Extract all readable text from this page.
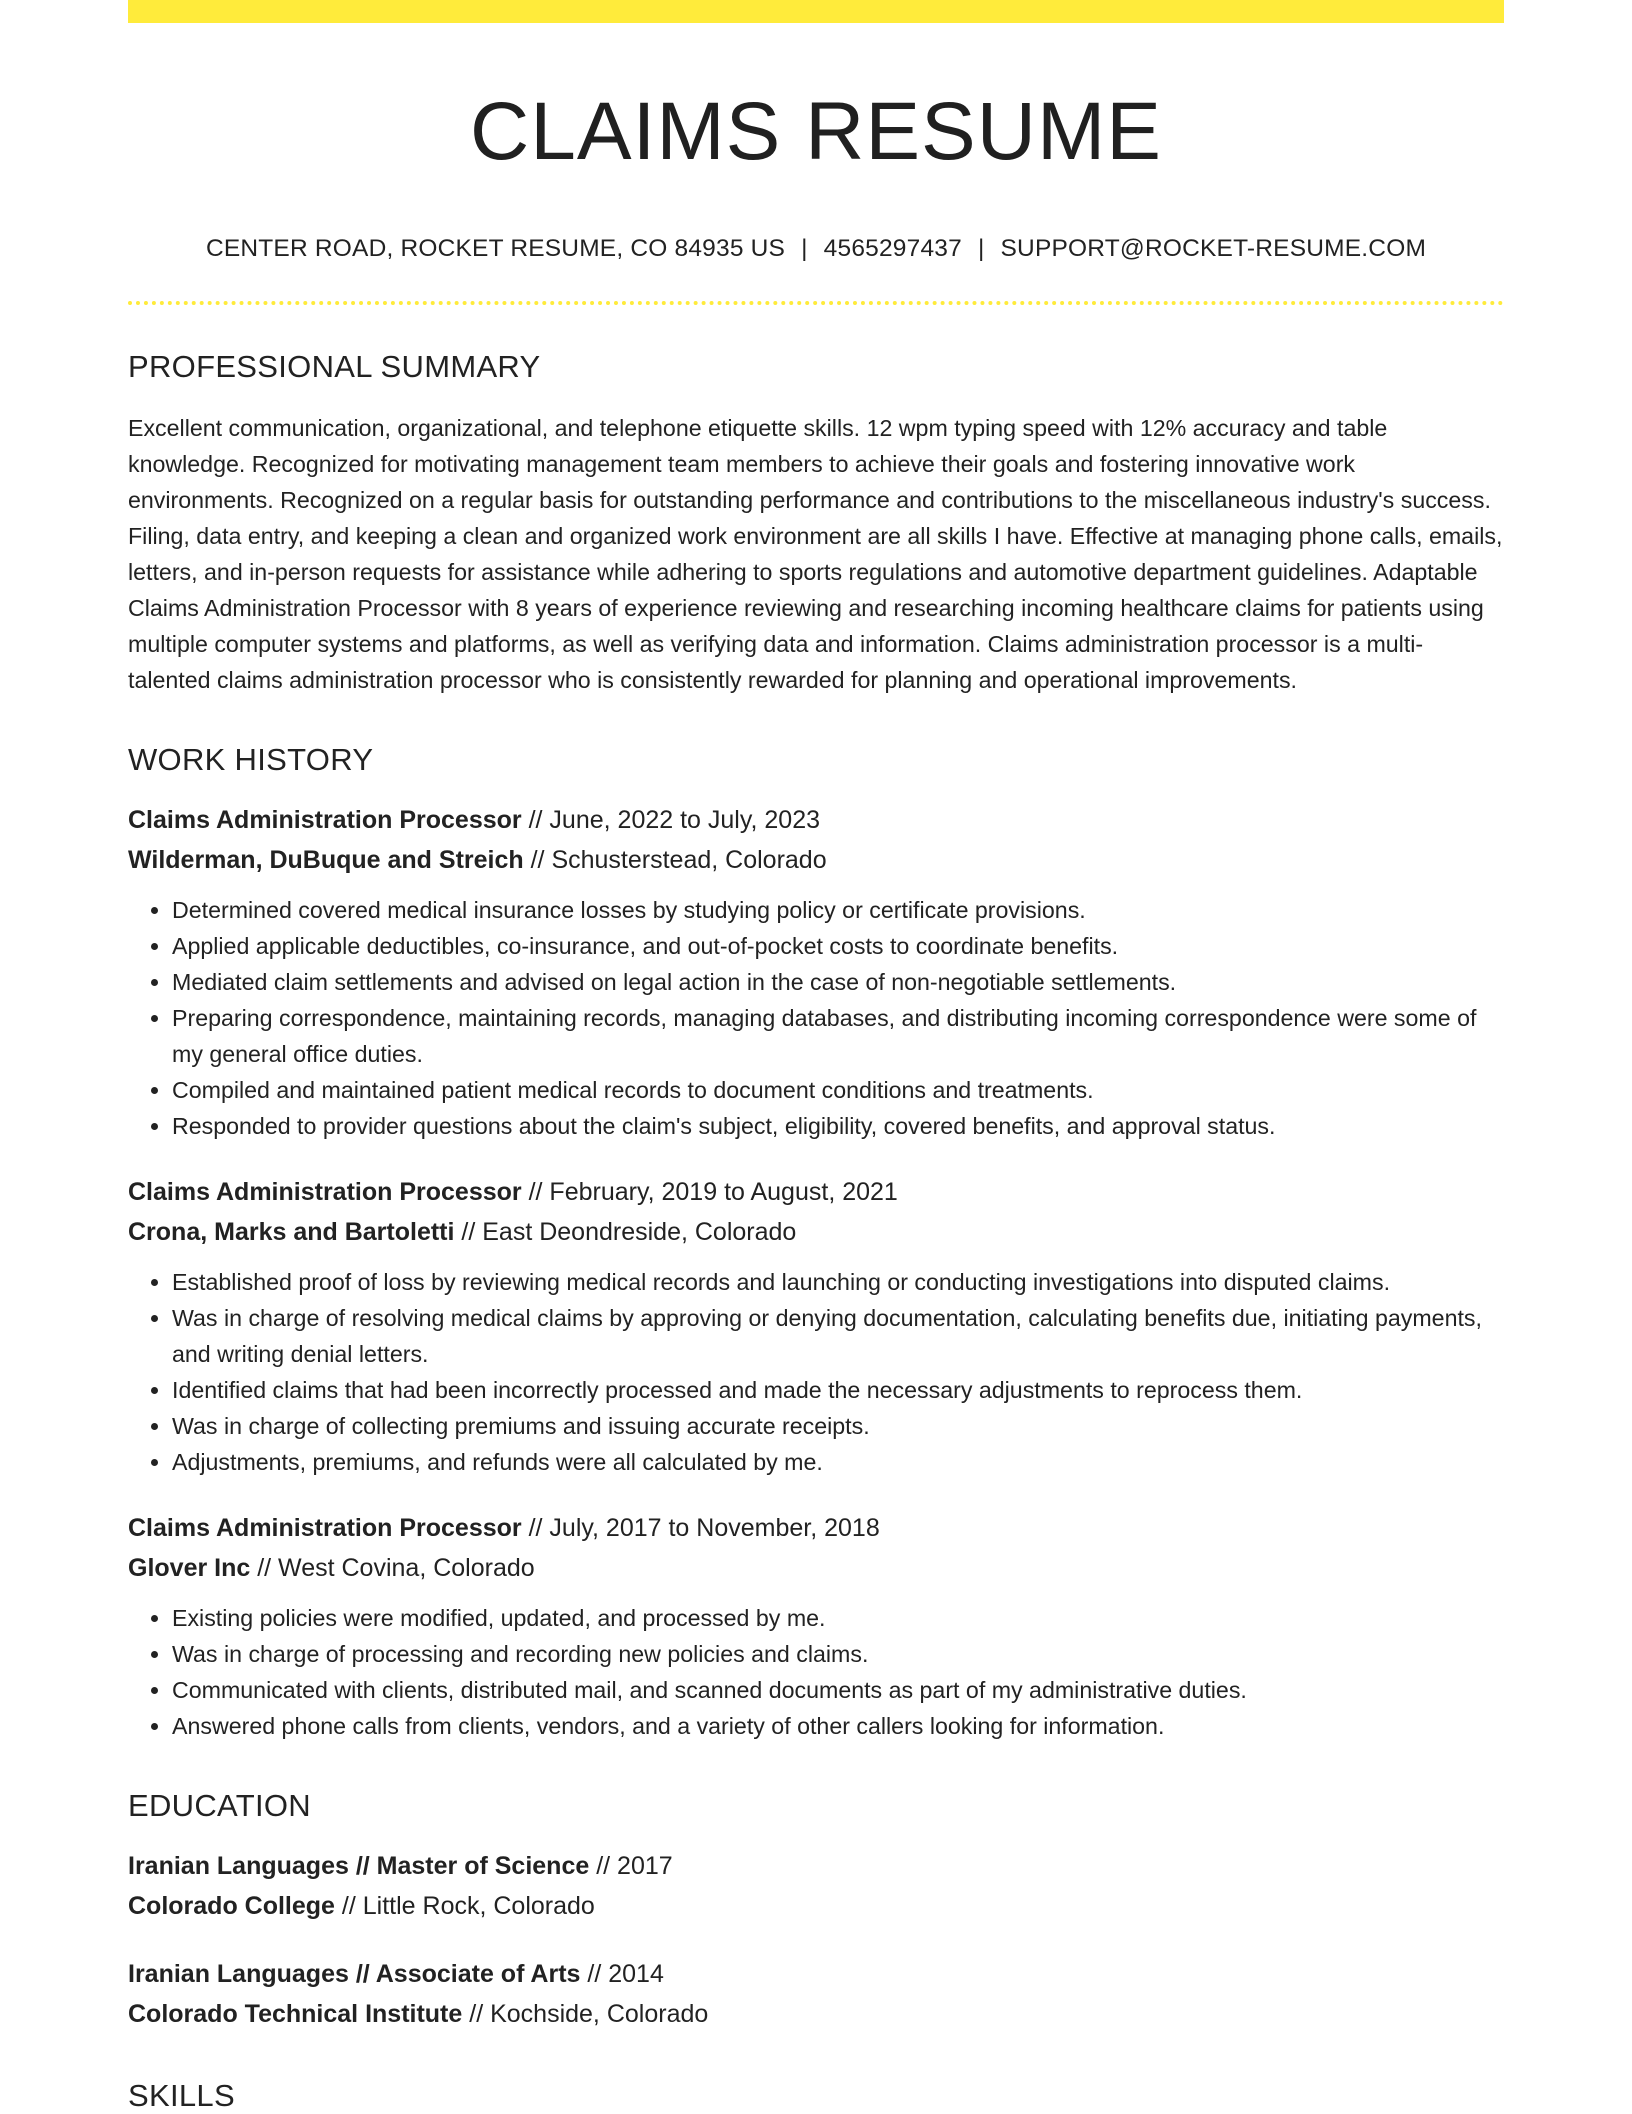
CLAIMS RESUME
CENTER ROAD, ROCKET RESUME, CO 84935 US | 4565297437 | SUPPORT@ROCKET-RESUME.COM
PROFESSIONAL SUMMARY

Excellent communication, organizational, and telephone etiquette skills. 12 wpm typing speed with 12% accuracy and table knowledge. Recognized for motivating management team members to achieve their goals and fostering innovative work environments. Recognized on a regular basis for outstanding performance and contributions to the miscellaneous industry's success. Filing, data entry, and keeping a clean and organized work environment are all skills I have. Effective at managing phone calls, emails, letters, and in-person requests for assistance while adhering to sports regulations and automotive department guidelines. Adaptable Claims Administration Processor with 8 years of experience reviewing and researching incoming healthcare claims for patients using multiple computer systems and platforms, as well as verifying data and information. Claims administration processor is a multi-talented claims administration processor who is consistently rewarded for planning and operational improvements.

WORK HISTORY
Claims Administration Processor // June, 2022 to July, 2023
Wilderman, DuBuque and Streich // Schusterstead, Colorado
• Determined covered medical insurance losses by studying policy or certificate provisions.
• Applied applicable deductibles, co-insurance, and out-of-pocket costs to coordinate benefits.
• Mediated claim settlements and advised on legal action in the case of non-negotiable settlements.
• Preparing correspondence, maintaining records, managing databases, and distributing incoming correspondence were some of my general office duties.
• Compiled and maintained patient medical records to document conditions and treatments.
• Responded to provider questions about the claim's subject, eligibility, covered benefits, and approval status.
Claims Administration Processor // February, 2019 to August, 2021
Crona, Marks and Bartoletti // East Deondreside, Colorado
• Established proof of loss by reviewing medical records and launching or conducting investigations into disputed claims.
• Was in charge of resolving medical claims by approving or denying documentation, calculating benefits due, initiating payments, and writing denial letters.
• Identified claims that had been incorrectly processed and made the necessary adjustments to reprocess them.
• Was in charge of collecting premiums and issuing accurate receipts.
• Adjustments, premiums, and refunds were all calculated by me.
Claims Administration Processor // July, 2017 to November, 2018
Glover Inc // West Covina, Colorado
• Existing policies were modified, updated, and processed by me.
• Was in charge of processing and recording new policies and claims.
• Communicated with clients, distributed mail, and scanned documents as part of my administrative duties.
• Answered phone calls from clients, vendors, and a variety of other callers looking for information.
EDUCATION
Iranian Languages // Master of Science // 2017
Colorado College // Little Rock, Colorado
Iranian Languages // Associate of Arts // 2014
Colorado Technical Institute // Kochside, Colorado
SKILLS
